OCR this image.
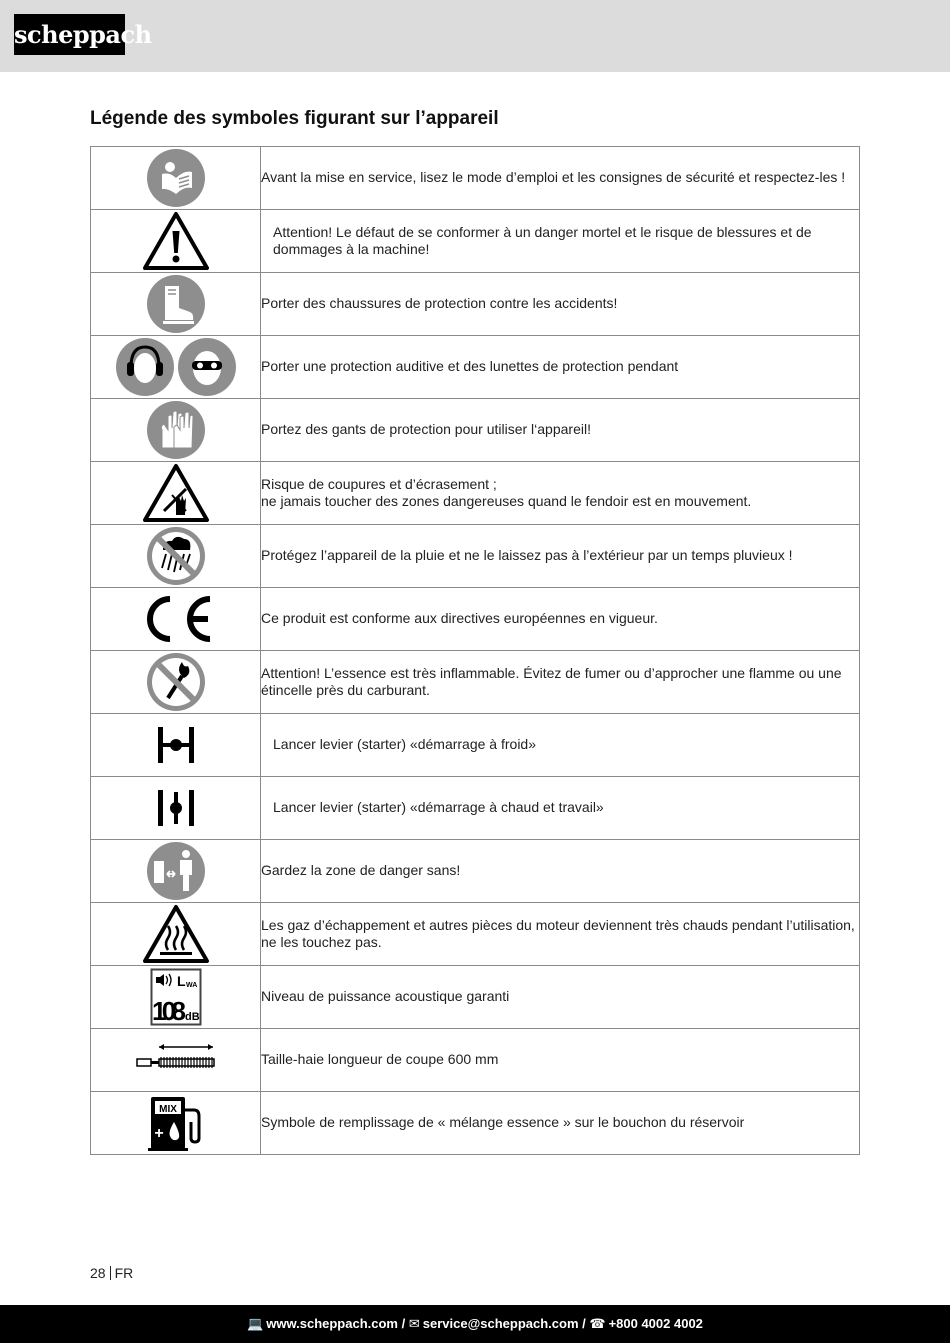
scheppach
Légende des symboles figurant sur l’appareil
	Avant la mise en service, lisez le mode d’emploi et les consignes de sécurité et respectez-les !
	Attention! Le défaut de se conformer à un danger mortel et le risque de blessures et de dommages à la machine!
	Porter des chaussures de protection contre les accidents!
	Porter une protection auditive et des lunettes de protection pendant
	Portez des gants de protection pour utiliser l‘appareil!
	Risque de coupures et d’écrasement ;
ne jamais toucher des zones dangereuses quand le fendoir est en mouvement.
	Protégez l’appareil de la pluie et ne le laissez pas à l’extérieur par un temps pluvieux !
	Ce produit est conforme aux directives européennes en vigueur.
	Attention! L’essence est très inflammable. Évitez de fumer ou d’approcher une flamme ou une étincelle près du carburant.
	Lancer levier (starter) «démarrage à froid»
	Lancer levier (starter) «démarrage à chaud et travail»
	Gardez la zone de danger sans!
	Les gaz d’échappement et autres pièces du moteur deviennent très chauds pendant l’utilisation, ne les touchez pas.

L WA
108 dB	Niveau de puissance acoustique garanti
	Taille-haie longueur de coupe 600 mm

MIX
+	Symbole de remplissage de « mélange essence » sur le bouchon du réservoir
28 FR
💻 www.scheppach.com / ✉ service@scheppach.com / ☎ +800 4002 4002
